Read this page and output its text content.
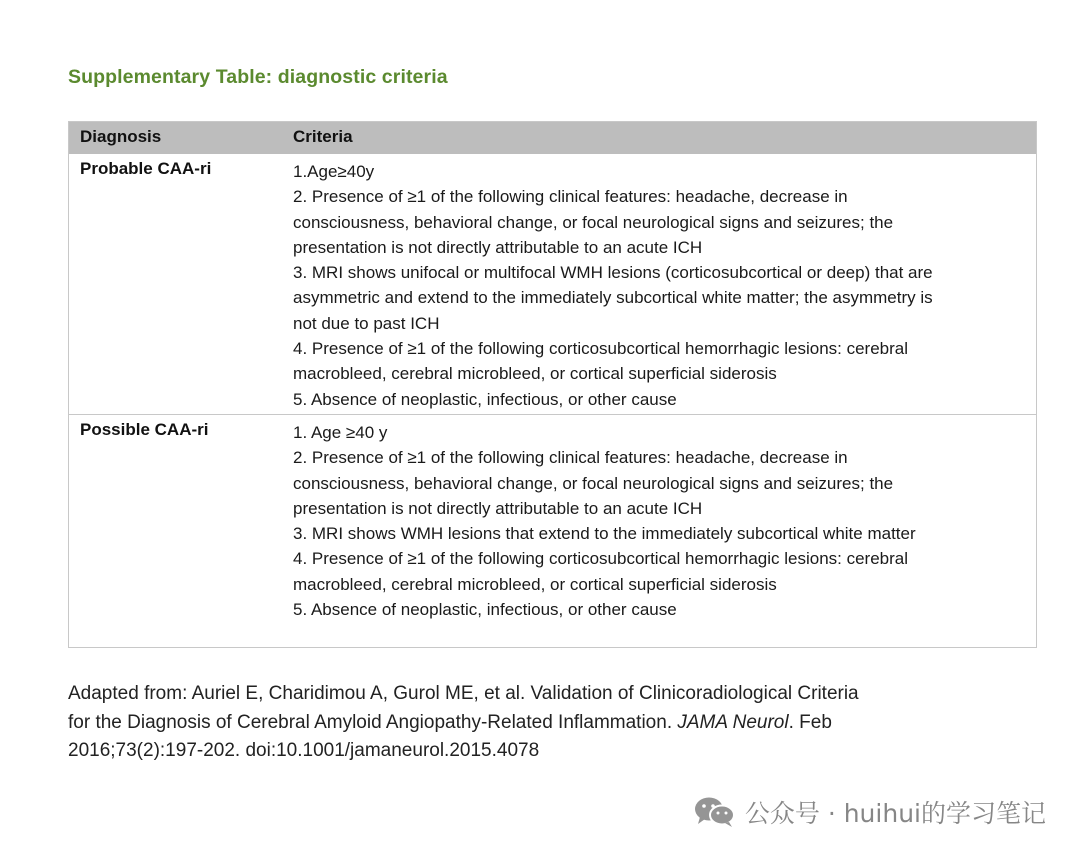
Supplementary Table: diagnostic criteria
Diagnosis	Criteria
Probable CAA-ri	1.Age≥40y
2. Presence of ≥1 of the following clinical features: headache, decrease in
consciousness, behavioral change, or focal neurological signs and seizures; the
presentation is not directly attributable to an acute ICH
3. MRI shows unifocal or multifocal WMH lesions (corticosubcortical or deep) that are
asymmetric and extend to the immediately subcortical white matter; the asymmetry is
not due to past ICH
4. Presence of ≥1 of the following corticosubcortical hemorrhagic lesions: cerebral
macrobleed, cerebral microbleed, or cortical superficial siderosis
5. Absence of neoplastic, infectious, or other cause
Possible CAA-ri	1. Age ≥40 y
2. Presence of ≥1 of the following clinical features: headache, decrease in
consciousness, behavioral change, or focal neurological signs and seizures; the
presentation is not directly attributable to an acute ICH
3. MRI shows WMH lesions that extend to the immediately subcortical white matter
4. Presence of ≥1 of the following corticosubcortical hemorrhagic lesions: cerebral
macrobleed, cerebral microbleed, or cortical superficial siderosis
5. Absence of neoplastic, infectious, or other cause
Adapted from: Auriel E, Charidimou A, Gurol ME, et al. Validation of Clinicoradiological Criteria
for the Diagnosis of Cerebral Amyloid Angiopathy-Related Inflammation. JAMA Neurol. Feb
2016;73(2):197-202. doi:10.1001/jamaneurol.2015.4078
公众号 · huihui的学习笔记
